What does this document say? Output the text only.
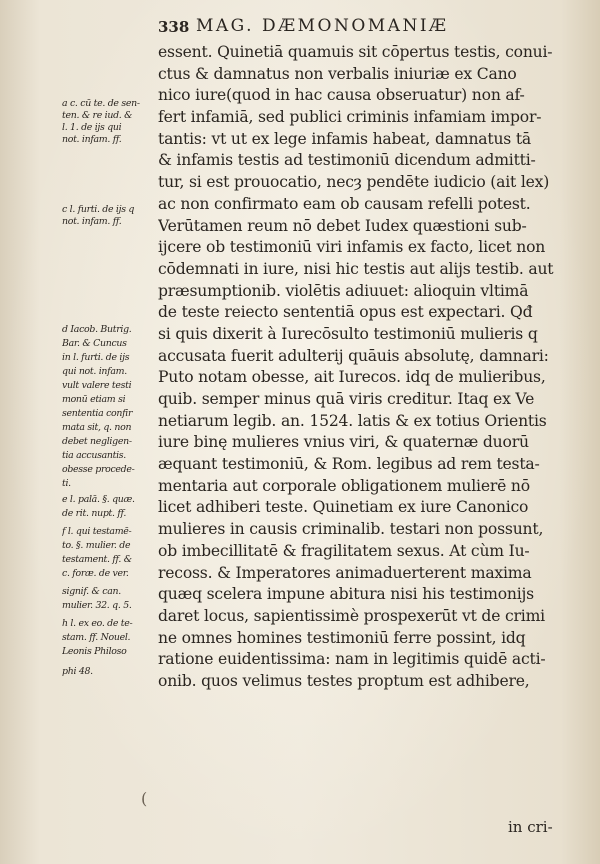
338 MAG. DÆMONOMANIÆ
essent. Quinetiā quamuis sit cōpertus testis, conui-
ctus & damnatus non verbalis iniuriæ ex Cano
nico iure(quod in hac causa obseruatur) non af-
fert infamiā, sed publici criminis infamiam impor-
tantis: vt ut ex lege infamis habeat, damnatus tā
& infamis testis ad testimoniū dicendum admitti-
tur, si est prouocatio, necȝ pendēte iudicio (ait lex)
ac non confirmato eam ob causam refelli potest.
Verūtamen reum nō debet Iudex quæstioni sub-
ijcere ob testimoniū viri infamis ex facto, licet non
cōdemnati in iure, nisi hic testis aut alijs testib. aut
præsumptionib. violētis adiuuet: alioquin vltimā
de teste reiecto sententiā opus est expectari. Qđ
si quis dixerit à Iurecōsulto testimoniū mulieris q
accusata fuerit adulterij quāuis absolutę, damnari:
Puto notam obesse, ait Iurecos. idq de mulieribus,
quib. semper minus quā viris creditur. Itaq ex Ve
netiarum legib. an. 1524. latis & ex totius Orientis
iure binę mulieres vnius viri, & quaternæ duorū
æquant testimoniū, & Rom. legibus ad rem testa-
mentaria aut corporale obligationem mulierē nō
licet adhiberi teste. Quinetiam ex iure Canonico
mulieres in causis criminalib. testari non possunt,
ob imbecillitatē & fragilitatem sexus. At cùm Iu-
recoss. & Imperatores animaduerterent maxima
quæq scelera impune abitura nisi his testimonijs
daret locus, sapientissimè prospexerūt vt de crimi
ne omnes homines testimoniū ferre possint, idq
ratione euidentissima: nam in legitimis quidē acti-
onib. quos velimus testes proptum est adhibere,
in cri-
a c. cū te. de sen-
ten. & re iud. &
l. 1. de ijs qui
not. infam. ff.
c l. furti. de ijs q
not. infam. ff.
d Iacob. Butrig.
Bar. & Cuncus
in l. furti. de ijs
qui not. infam.
vult valere testi
monū etiam si
sententia confir
mata sit, q. non
debet negligen-
tia accusantis.
obesse procede-
ti.
e l. palā. §. quæ.
de rit. nupt. ff.
f l. qui testamē-
to. §. mulier. de
testament. ff. &
c. foræ. de ver.
signif. & can.
mulier. 32. q. 5.
h l. ex eo. de te-
stam. ff. Nouel.
Leonis Philoso
phi 48.
(
